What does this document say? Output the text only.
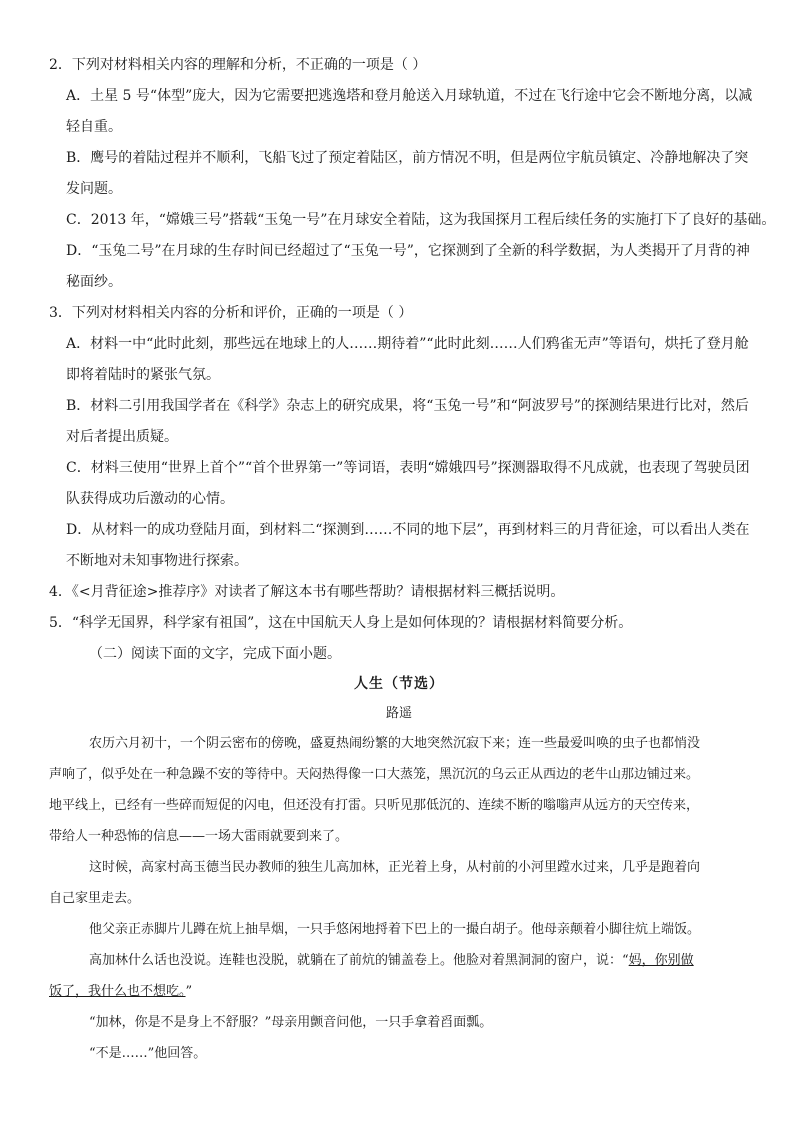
2．下列对材料相关内容的理解和分析，不正确的一项是（ ）
A．土星 5 号“体型”庞大，因为它需要把逃逸塔和登月舱送入月球轨道，不过在飞行途中它会不断地分离，以减
轻自重。
B．鹰号的着陆过程并不顺利，飞船飞过了预定着陆区，前方情况不明，但是两位宇航员镇定、冷静地解决了突
发问题。
C．2013 年，“嫦娥三号”搭载“玉兔一号”在月球安全着陆，这为我国探月工程后续任务的实施打下了良好的基础。
D．“玉兔二号”在月球的生存时间已经超过了“玉兔一号”，它探测到了全新的科学数据，为人类揭开了月背的神
秘面纱。
3．下列对材料相关内容的分析和评价，正确的一项是（ ）
A．材料一中“此时此刻，那些远在地球上的人……期待着”“此时此刻……人们鸦雀无声”等语句，烘托了登月舱
即将着陆时的紧张气氛。
B．材料二引用我国学者在《科学》杂志上的研究成果，将“玉兔一号”和“阿波罗号”的探测结果进行比对，然后
对后者提出质疑。
C．材料三使用“世界上首个”“首个世界第一”等词语，表明“嫦娥四号”探测器取得不凡成就，也表现了驾驶员团
队获得成功后激动的心情。
D．从材料一的成功登陆月面，到材料二“探测到……不同的地下层”，再到材料三的月背征途，可以看出人类在
不断地对未知事物进行探索。
4．《<月背征途>推荐序》对读者了解这本书有哪些帮助？请根据材料三概括说明。
5．“科学无国界，科学家有祖国”，这在中国航天人身上是如何体现的？请根据材料简要分析。
（二）阅读下面的文字，完成下面小题。
人生（节选）
路遥
农历六月初十，一个阴云密布的傍晚，盛夏热闹纷繁的大地突然沉寂下来；连一些最爱叫唤的虫子也都悄没
声响了，似乎处在一种急躁不安的等待中。天闷热得像一口大蒸笼，黑沉沉的乌云正从西边的老牛山那边铺过来。
地平线上，已经有一些碎而短促的闪电，但还没有打雷。只听见那低沉的、连续不断的嗡嗡声从远方的天空传来，
带给人一种恐怖的信息——一场大雷雨就要到来了。
这时候，高家村高玉德当民办教师的独生儿高加林，正光着上身，从村前的小河里蹚水过来，几乎是跑着向
自己家里走去。
他父亲正赤脚片儿蹲在炕上抽旱烟，一只手悠闲地捋着下巴上的一撮白胡子。他母亲颠着小脚往炕上端饭。
高加林什么话也没说。连鞋也没脱，就躺在了前炕的铺盖卷上。他脸对着黑洞洞的窗户，说：“妈，你别做
饭了，我什么也不想吃。”
“加林，你是不是身上不舒服？”母亲用颤音问他，一只手拿着舀面瓢。
“不是……”他回答。
